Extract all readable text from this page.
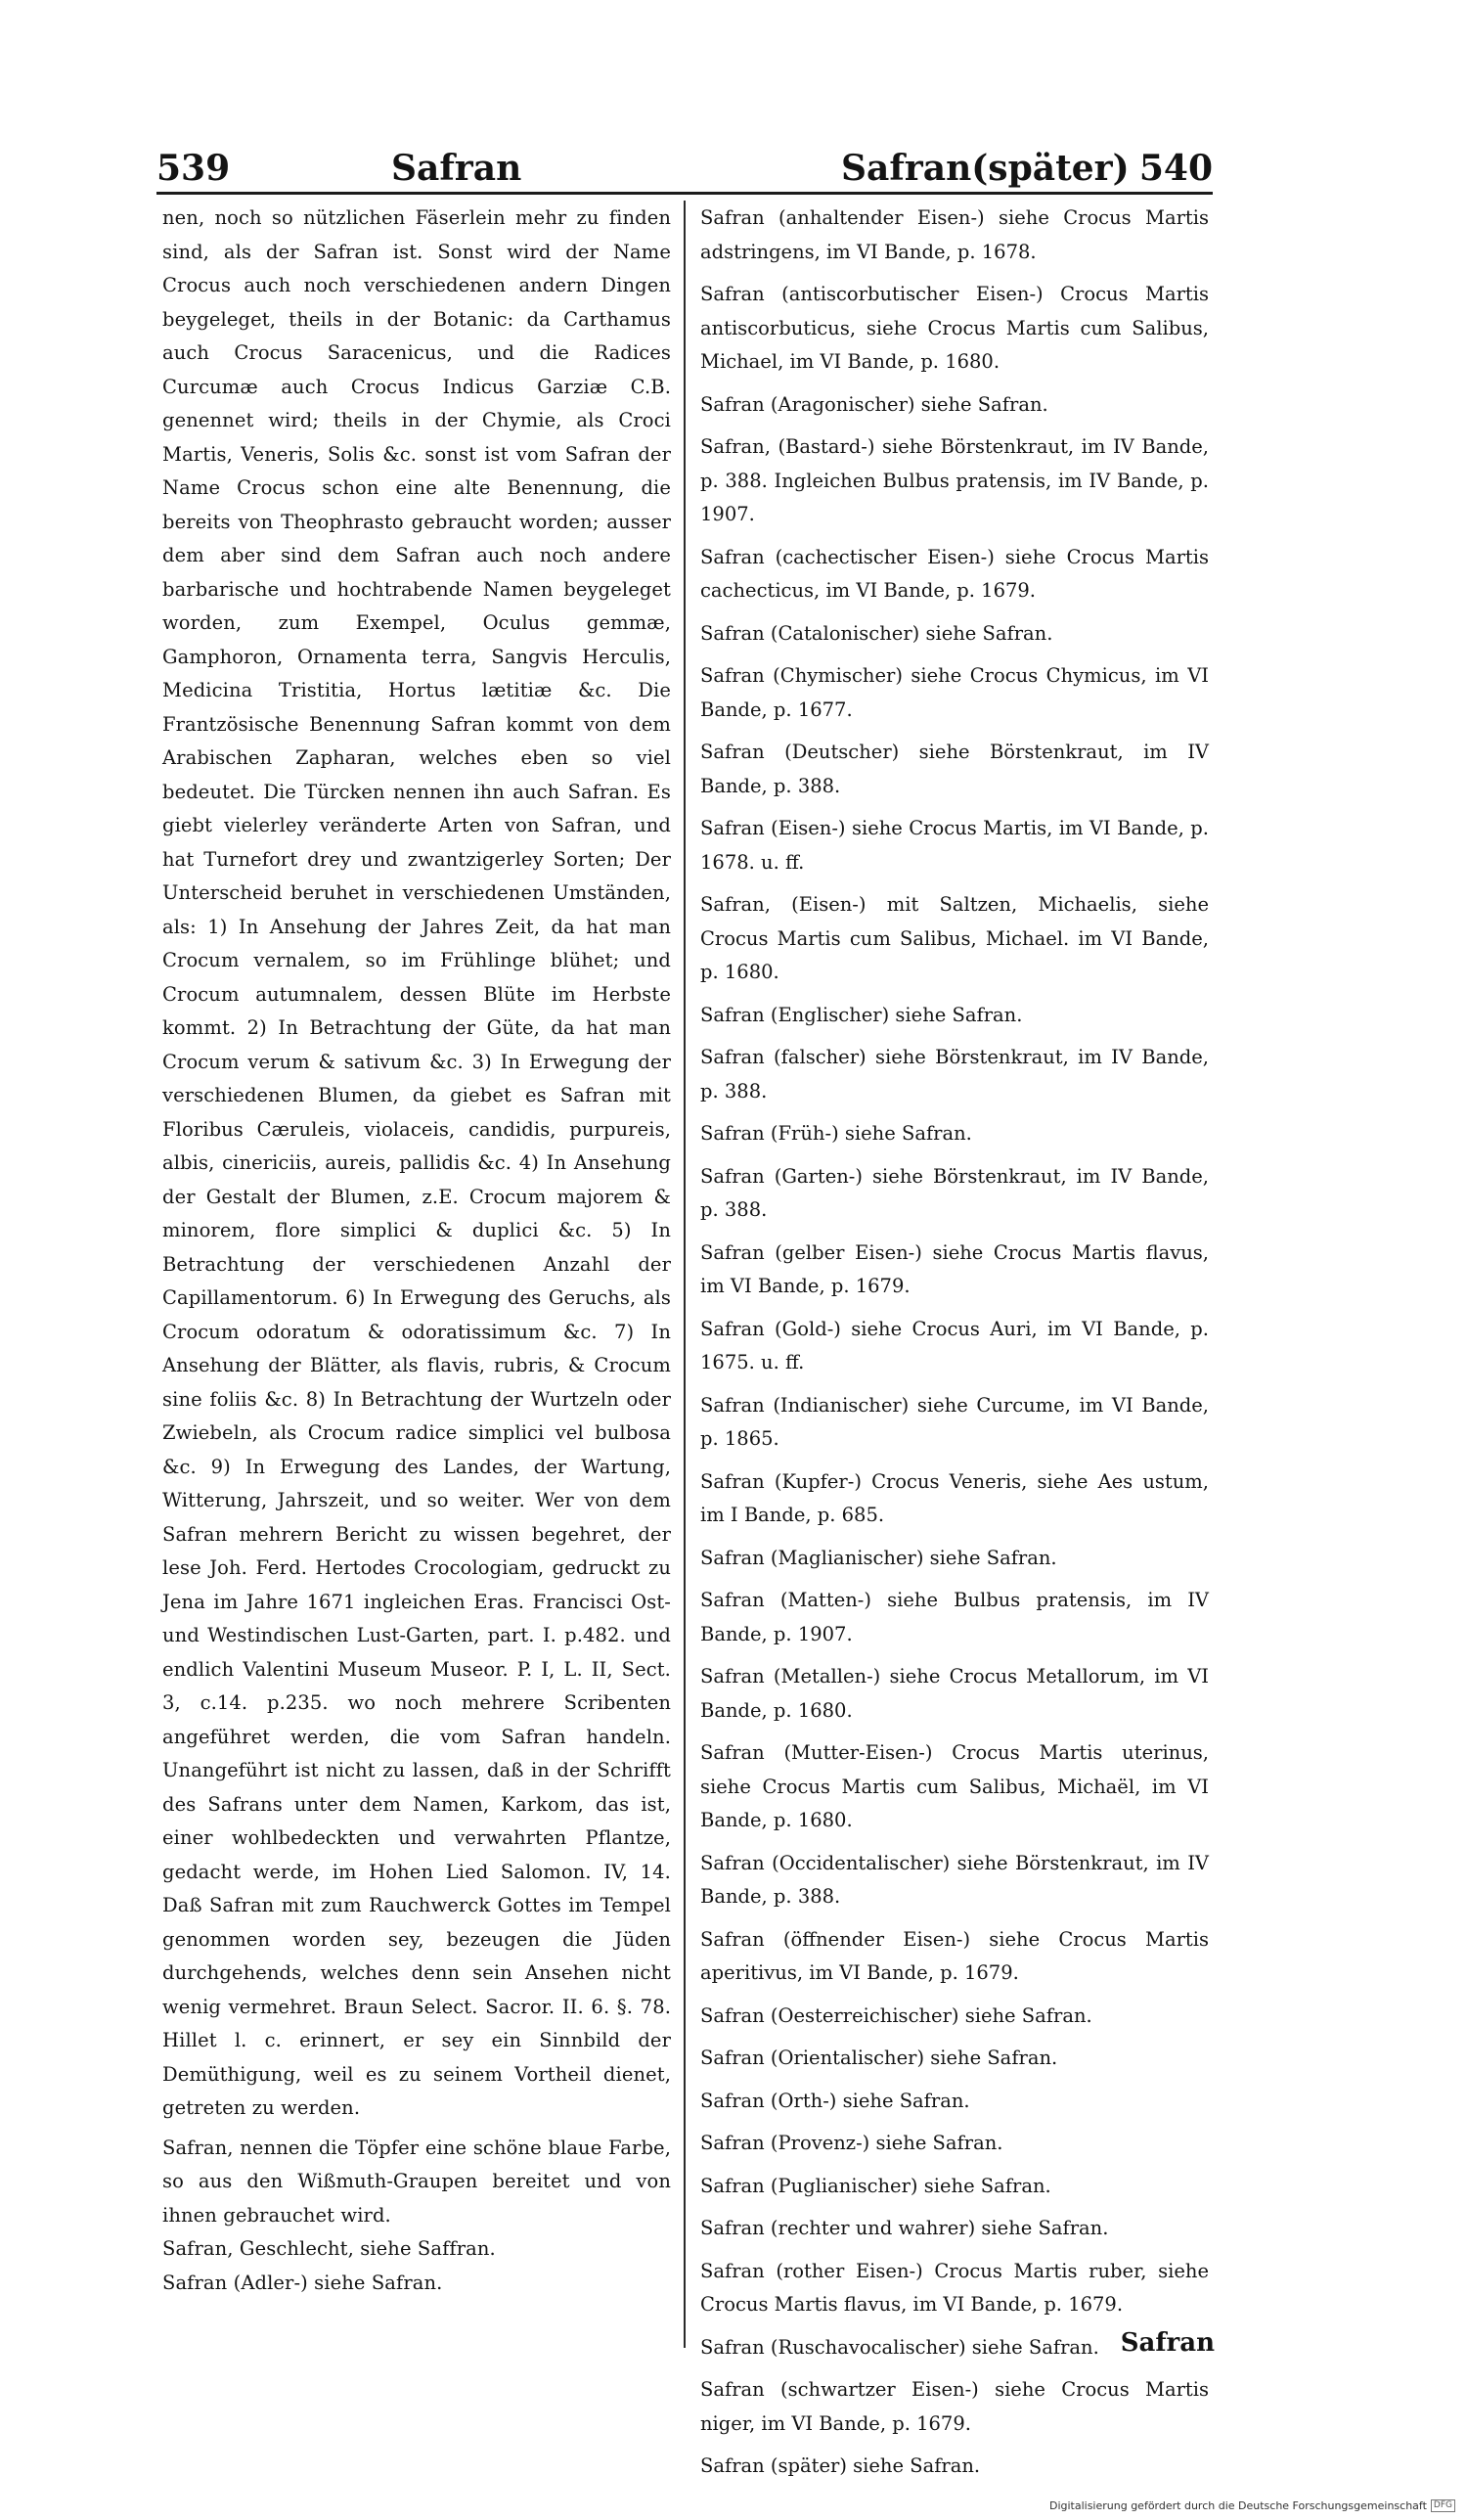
539	Safran	Safran(später) 540

nen, noch so nützlichen Fäserlein mehr zu finden sind, als der Safran ist. Sonst wird der Name Crocus auch noch verschiedenen andern Dingen beygeleget, theils in der Botanic: da Carthamus auch Crocus Saracenicus, und die Radices Curcumæ auch Crocus Indicus Garziæ C.B. genennet wird; theils in der Chymie, als Croci Martis, Veneris, Solis &c. sonst ist vom Safran der Name Crocus schon eine alte Benennung, die bereits von Theophrasto gebraucht worden; ausser dem aber sind dem Safran auch noch andere barbarische und hochtrabende Namen beygeleget worden, zum Exempel, Oculus gemmæ, Gamphoron, Ornamenta terra, Sangvis Herculis, Medicina Tristitia, Hortus lætitiæ &c. Die Frantzösische Benennung Safran kommt von dem Arabischen Zapharan, welches eben so viel bedeutet. Die Türcken nennen ihn auch Safran. Es giebt vielerley veränderte Arten von Safran, und hat Turnefort drey und zwantzigerley Sorten; Der Unterscheid beruhet in verschiedenen Umständen, als: 1) In Ansehung der Jahres Zeit, da hat man Crocum vernalem, so im Frühlinge blühet; und Crocum autumnalem, dessen Blüte im Herbste kommt. 2) In Betrachtung der Güte, da hat man Crocum verum & sativum &c. 3) In Erwegung der verschiedenen Blumen, da giebet es Safran mit Floribus Cæruleis, violaceis, candidis, purpureis, albis, cinericiis, aureis, pallidis &c. 4) In Ansehung der Gestalt der Blumen, z.E. Crocum majorem & minorem, flore simplici & duplici &c. 5) In Betrachtung der verschiedenen Anzahl der Capillamentorum. 6) In Erwegung des Geruchs, als Crocum odoratum & odoratissimum &c. 7) In Ansehung der Blätter, als flavis, rubris, & Crocum sine foliis &c. 8) In Betrachtung der Wurtzeln oder Zwiebeln, als Crocum radice simplici vel bulbosa &c. 9) In Erwegung des Landes, der Wartung, Witterung, Jahrszeit, und so weiter. Wer von dem Safran mehrern Bericht zu wissen begehret, der lese Joh. Ferd. Hertodes Crocologiam, gedruckt zu Jena im Jahre 1671 ingleichen Eras. Francisci Ost- und Westindischen Lust-Garten, part. I. p.482. und endlich Valentini Museum Museor. P. I, L. II, Sect. 3, c.14. p.235. wo noch mehrere Scribenten angeführet werden, die vom Safran handeln. Unangeführt ist nicht zu lassen, daß in der Schrifft des Safrans unter dem Namen, Karkom, das ist, einer wohlbedeckten und verwahrten Pflantze, gedacht werde, im Hohen Lied Salomon. IV, 14. Daß Safran mit zum Rauchwerck Gottes im Tempel genommen worden sey, bezeugen die Jüden durchgehends, welches denn sein Ansehen nicht wenig vermehret. Braun Select. Sacror. II. 6. §. 78. Hillet l. c. erinnert, er sey ein Sinnbild der Demüthigung, weil es zu seinem Vortheil dienet, getreten zu werden.

Safran, nennen die Töpfer eine schöne blaue Farbe, so aus den Wißmuth-Graupen bereitet und von ihnen gebrauchet wird.

Safran, Geschlecht, siehe Saffran.

Safran (Adler-) siehe Safran.

Safran (anhaltender Eisen-) siehe Crocus Martis adstringens, im VI Bande, p. 1678.

Safran (antiscorbutischer Eisen-) Crocus Martis antiscorbuticus, siehe Crocus Martis cum Salibus, Michael, im VI Bande, p. 1680.

Safran (Aragonischer) siehe Safran.

Safran, (Bastard-) siehe Börstenkraut, im IV Bande, p. 388. Ingleichen Bulbus pratensis, im IV Bande, p. 1907.

Safran (cachectischer Eisen-) siehe Crocus Martis cachecticus, im VI Bande, p. 1679.

Safran (Catalonischer) siehe Safran.

Safran (Chymischer) siehe Crocus Chymicus, im VI Bande, p. 1677.

Safran (Deutscher) siehe Börstenkraut, im IV Bande, p. 388.

Safran (Eisen-) siehe Crocus Martis, im VI Bande, p. 1678. u. ff.

Safran, (Eisen-) mit Saltzen, Michaelis, siehe Crocus Martis cum Salibus, Michael. im VI Bande, p. 1680.

Safran (Englischer) siehe Safran.

Safran (falscher) siehe Börstenkraut, im IV Bande, p. 388.

Safran (Früh-) siehe Safran.

Safran (Garten-) siehe Börstenkraut, im IV Bande, p. 388.

Safran (gelber Eisen-) siehe Crocus Martis flavus, im VI Bande, p. 1679.

Safran (Gold-) siehe Crocus Auri, im VI Bande, p. 1675. u. ff.

Safran (Indianischer) siehe Curcume, im VI Bande, p. 1865.

Safran (Kupfer-) Crocus Veneris, siehe Aes ustum, im I Bande, p. 685.

Safran (Maglianischer) siehe Safran.

Safran (Matten-) siehe Bulbus pratensis, im IV Bande, p. 1907.

Safran (Metallen-) siehe Crocus Metallorum, im VI Bande, p. 1680.

Safran (Mutter-Eisen-) Crocus Martis uterinus, siehe Crocus Martis cum Salibus, Michaël, im VI Bande, p. 1680.

Safran (Occidentalischer) siehe Börstenkraut, im IV Bande, p. 388.

Safran (öffnender Eisen-) siehe Crocus Martis aperitivus, im VI Bande, p. 1679.

Safran (Oesterreichischer) siehe Safran.

Safran (Orientalischer) siehe Safran.

Safran (Orth-) siehe Safran.

Safran (Provenz-) siehe Safran.

Safran (Puglianischer) siehe Safran.

Safran (rechter und wahrer) siehe Safran.

Safran (rother Eisen-) Crocus Martis ruber, siehe Crocus Martis flavus, im VI Bande, p. 1679.

Safran (Ruschavocalischer) siehe Safran.

Safran (schwartzer Eisen-) siehe Crocus Martis niger, im VI Bande, p. 1679.

Safran (später) siehe Safran.

Safran
Digitalisierung gefördert durch die Deutsche Forschungsgemeinschaft DFG
